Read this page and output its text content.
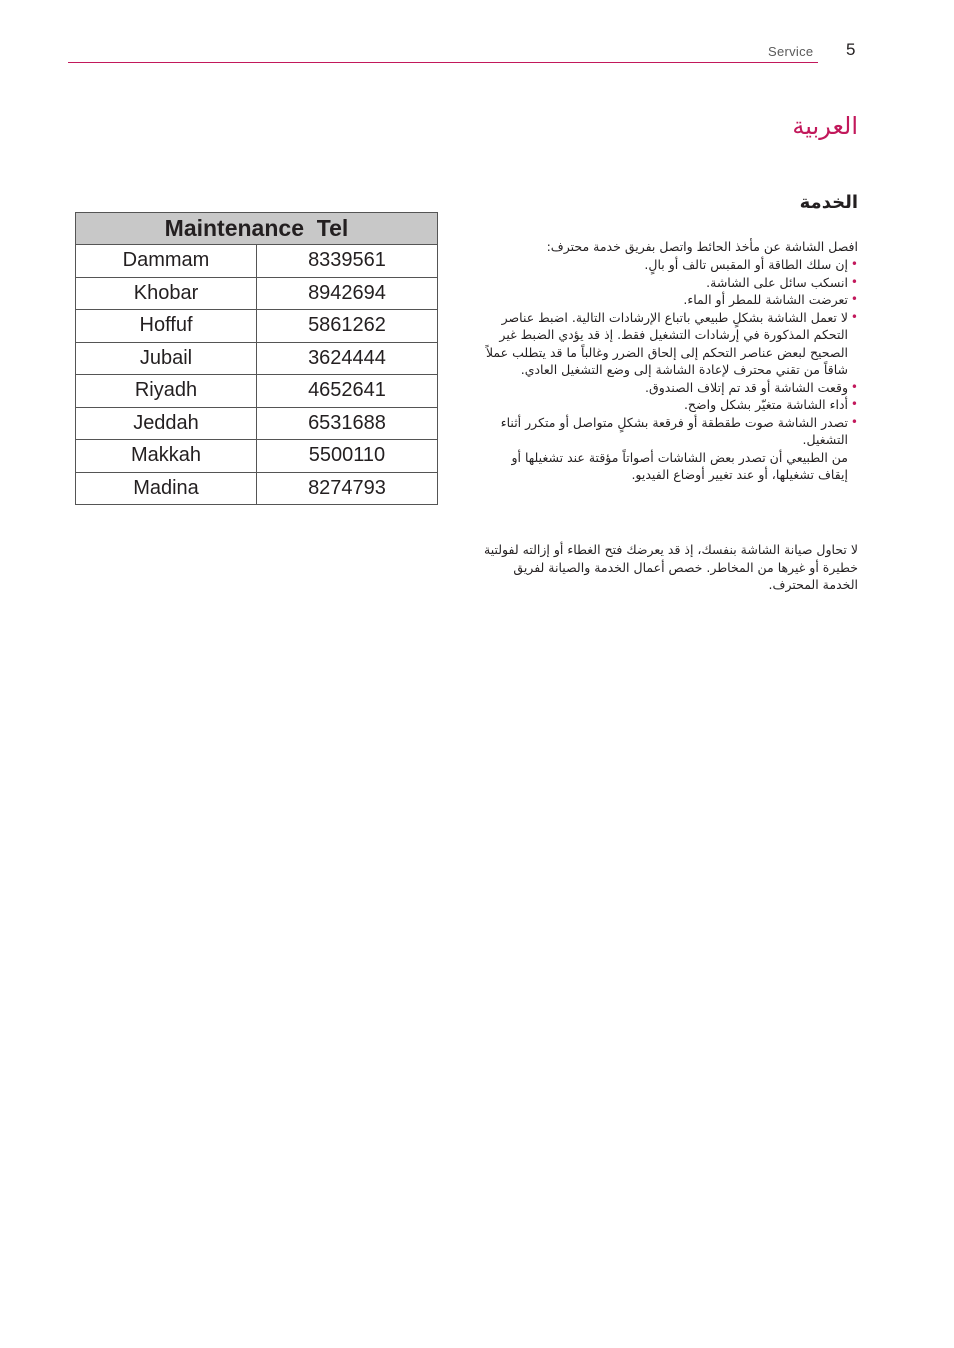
Service 5
العربية
الخدمة
Maintenance Tel	
Dammam	8339561
Khobar	8942694
Hoffuf	5861262
Jubail	3624444
Riyadh	4652641
Jeddah	6531688
Makkah	5500110
Madina	8274793
افصل الشاشة عن مأخذ الحائط واتصل بفريق خدمة محترف:
•
إن سلك الطاقة أو المقبس تالف أو بالٍ.
•
انسكب سائل على الشاشة.
•
تعرضت الشاشة للمطر أو الماء.
•
لا تعمل الشاشة بشكلٍ طبيعي باتباع الإرشادات التالية. اضبط عناصر التحكم المذكورة في إرشادات التشغيل فقط. إذ قد يؤدي الضبط غير الصحيح لبعض عناصر التحكم إلى إلحاق الضرر وغالباً ما قد يتطلب عملاً شاقاً من تقني محترف لإعادة الشاشة إلى وضع التشغيل العادي.
•
وقعت الشاشة أو قد تم إتلاف الصندوق.
•
أداء الشاشة متغيّر بشكل واضح.
•
تصدر الشاشة صوت طقطقة أو فرقعة بشكلٍ متواصل أو متكرر أثناء التشغيل.
من الطبيعي أن تصدر بعض الشاشات أصواتاً مؤقتة عند تشغيلها أو إيقاف تشغيلها، أو عند تغيير أوضاع الفيديو.
لا تحاول صيانة الشاشة بنفسك، إذ قد يعرضك فتح الغطاء أو إزالته لفولتية خطيرة أو غيرها من المخاطر. خصص أعمال الخدمة والصيانة لفريق الخدمة المحترف.
